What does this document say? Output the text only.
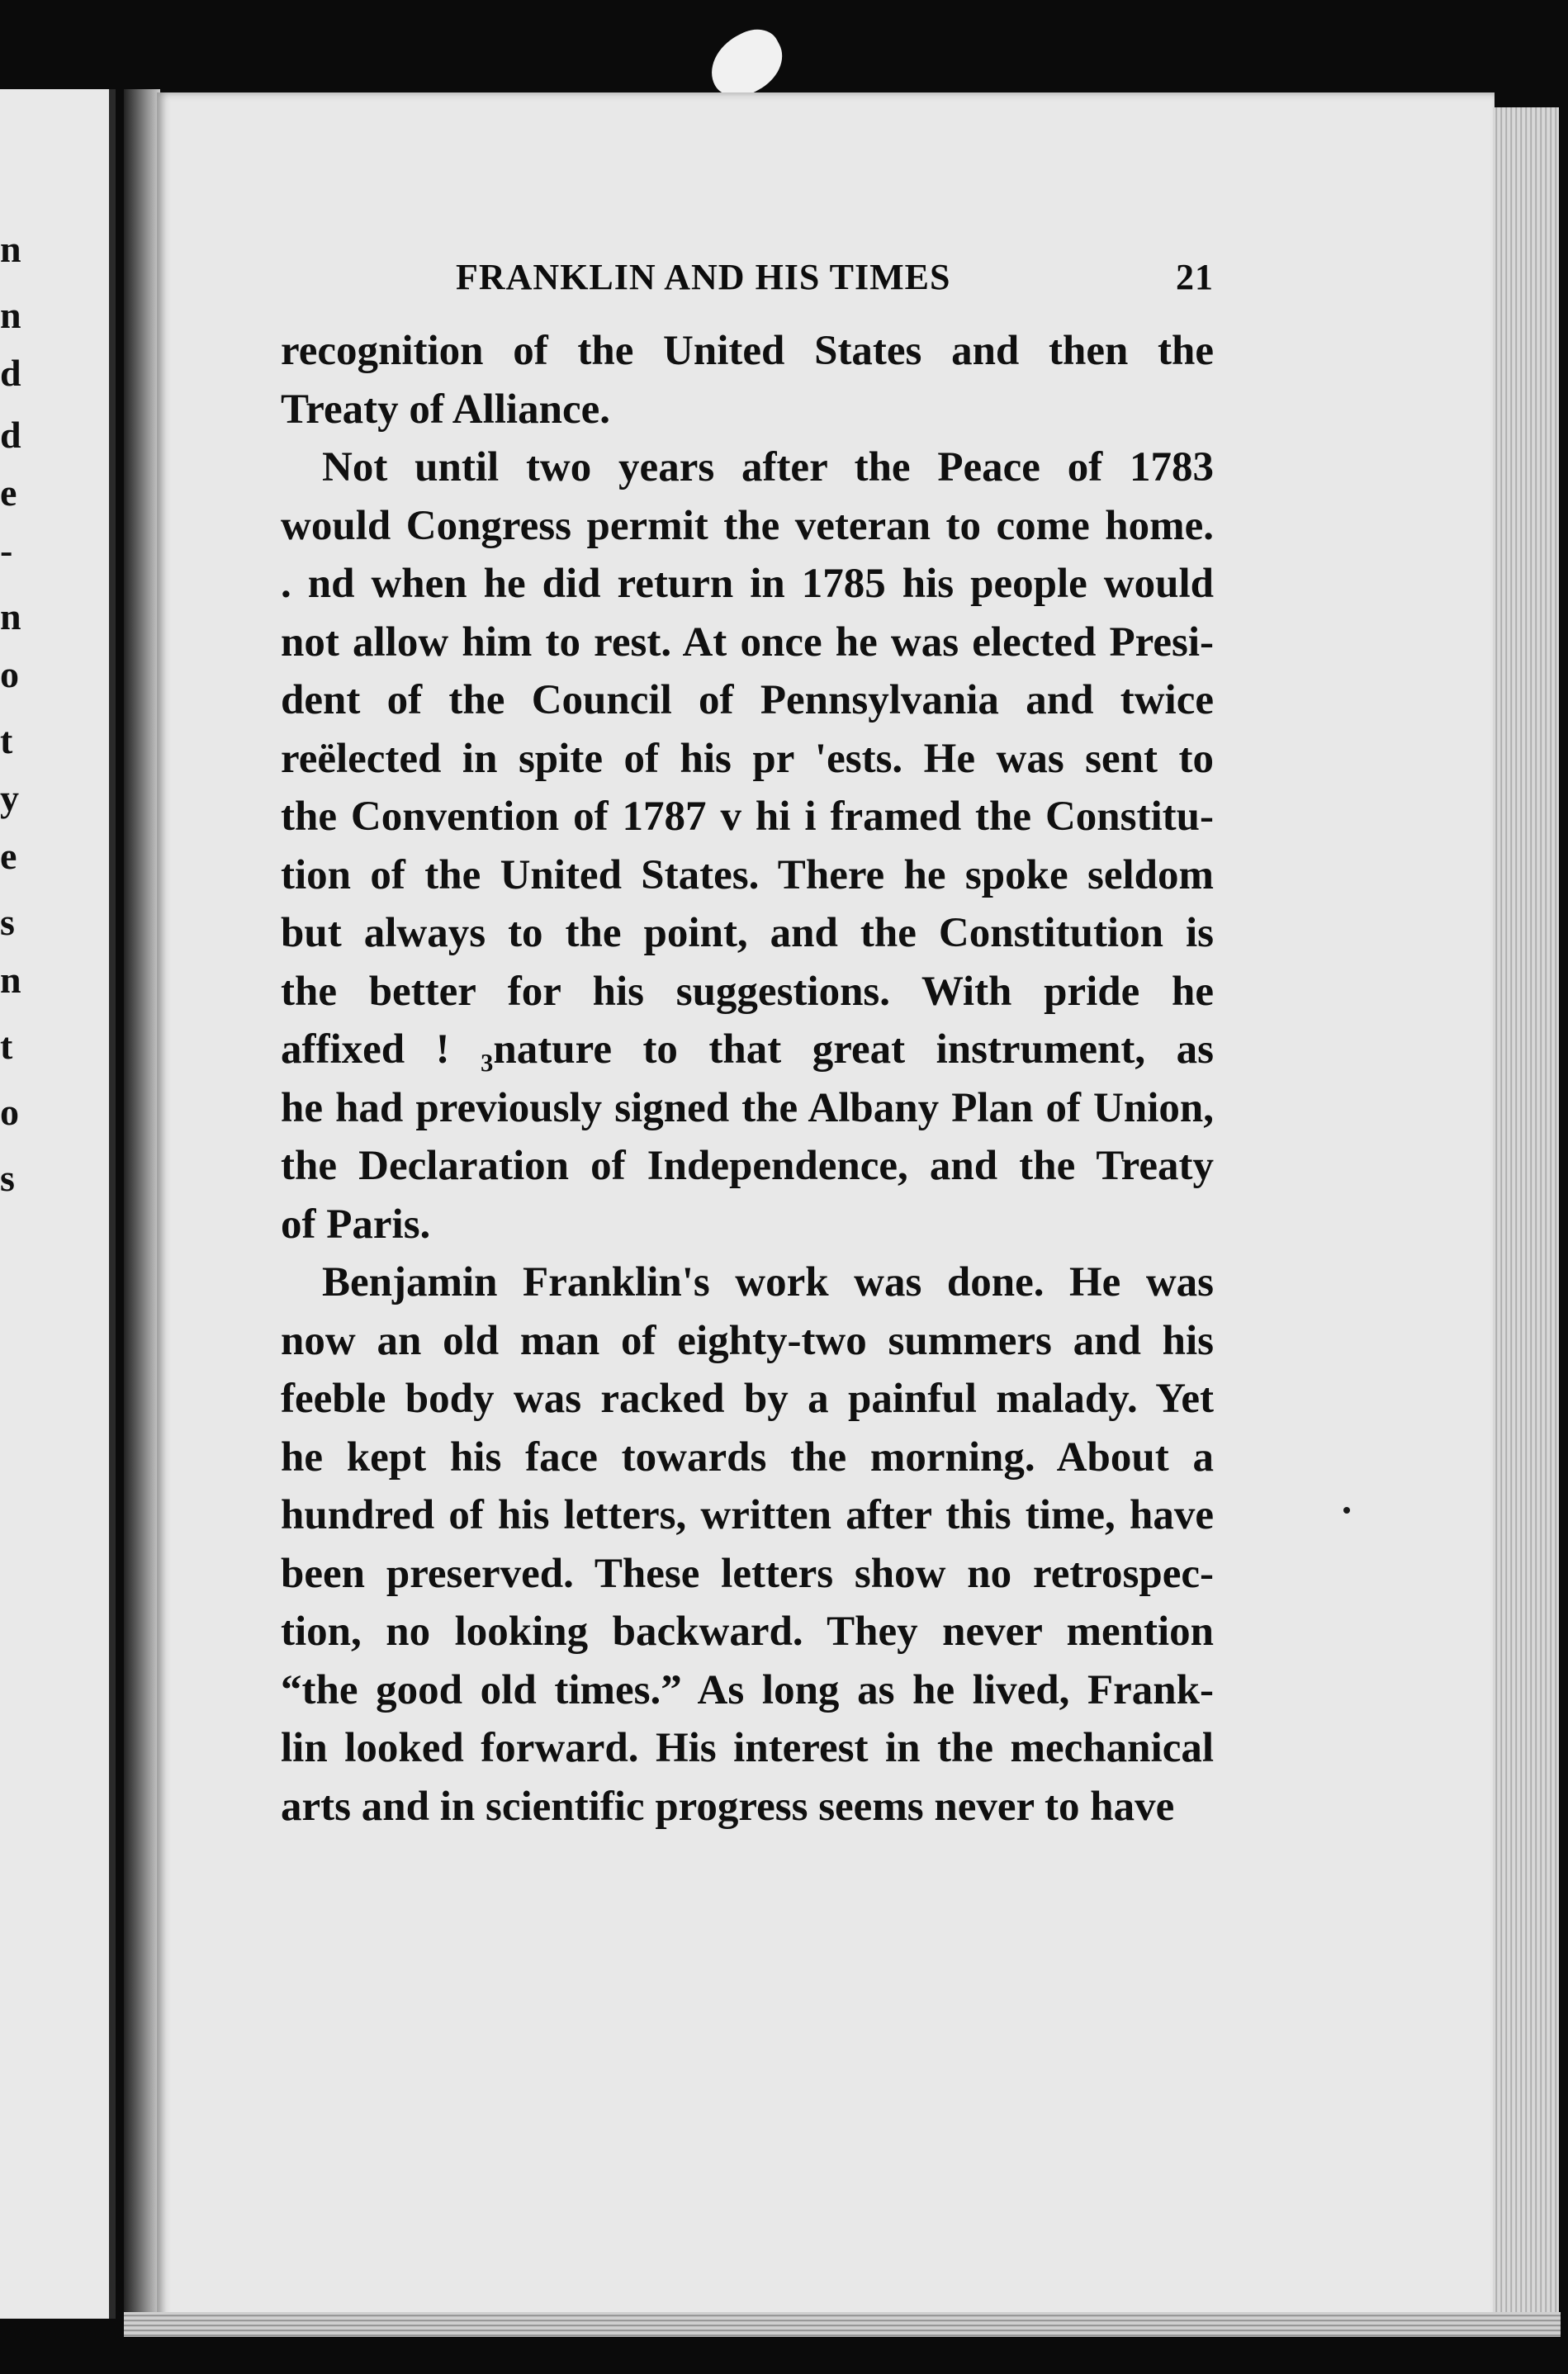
n
n
d
d
e
-
n
o
t
y
e
s
n
t
o
s
FRANKLIN AND HIS TIMES	21
recognition of the United States and then the
Treaty of Alliance.
Not until two years after the Peace of 1783
would Congress permit the veteran to come home.
. nd when he did return in 1785 his people would
not allow him to rest. At once he was elected Presi-
dent of the Council of Pennsylvania and twice
reëlected in spite of his pr 'ests. He was sent to
the Convention of 1787 v hi i framed the Constitu-
tion of the United States. There he spoke seldom
but always to the point, and the Constitution is
the better for his suggestions. With pride he
affixed ! ₃nature to that great instrument, as
he had previously signed the Albany Plan of Union,
the Declaration of Independence, and the Treaty
of Paris.
Benjamin Franklin's work was done. He was
now an old man of eighty-two summers and his
feeble body was racked by a painful malady. Yet
he kept his face towards the morning. About a
hundred of his letters, written after this time, have
been preserved. These letters show no retrospec-
tion, no looking backward. They never mention
“the good old times.” As long as he lived, Frank-
lin looked forward. His interest in the mechanical
arts and in scientific progress seems never to have
